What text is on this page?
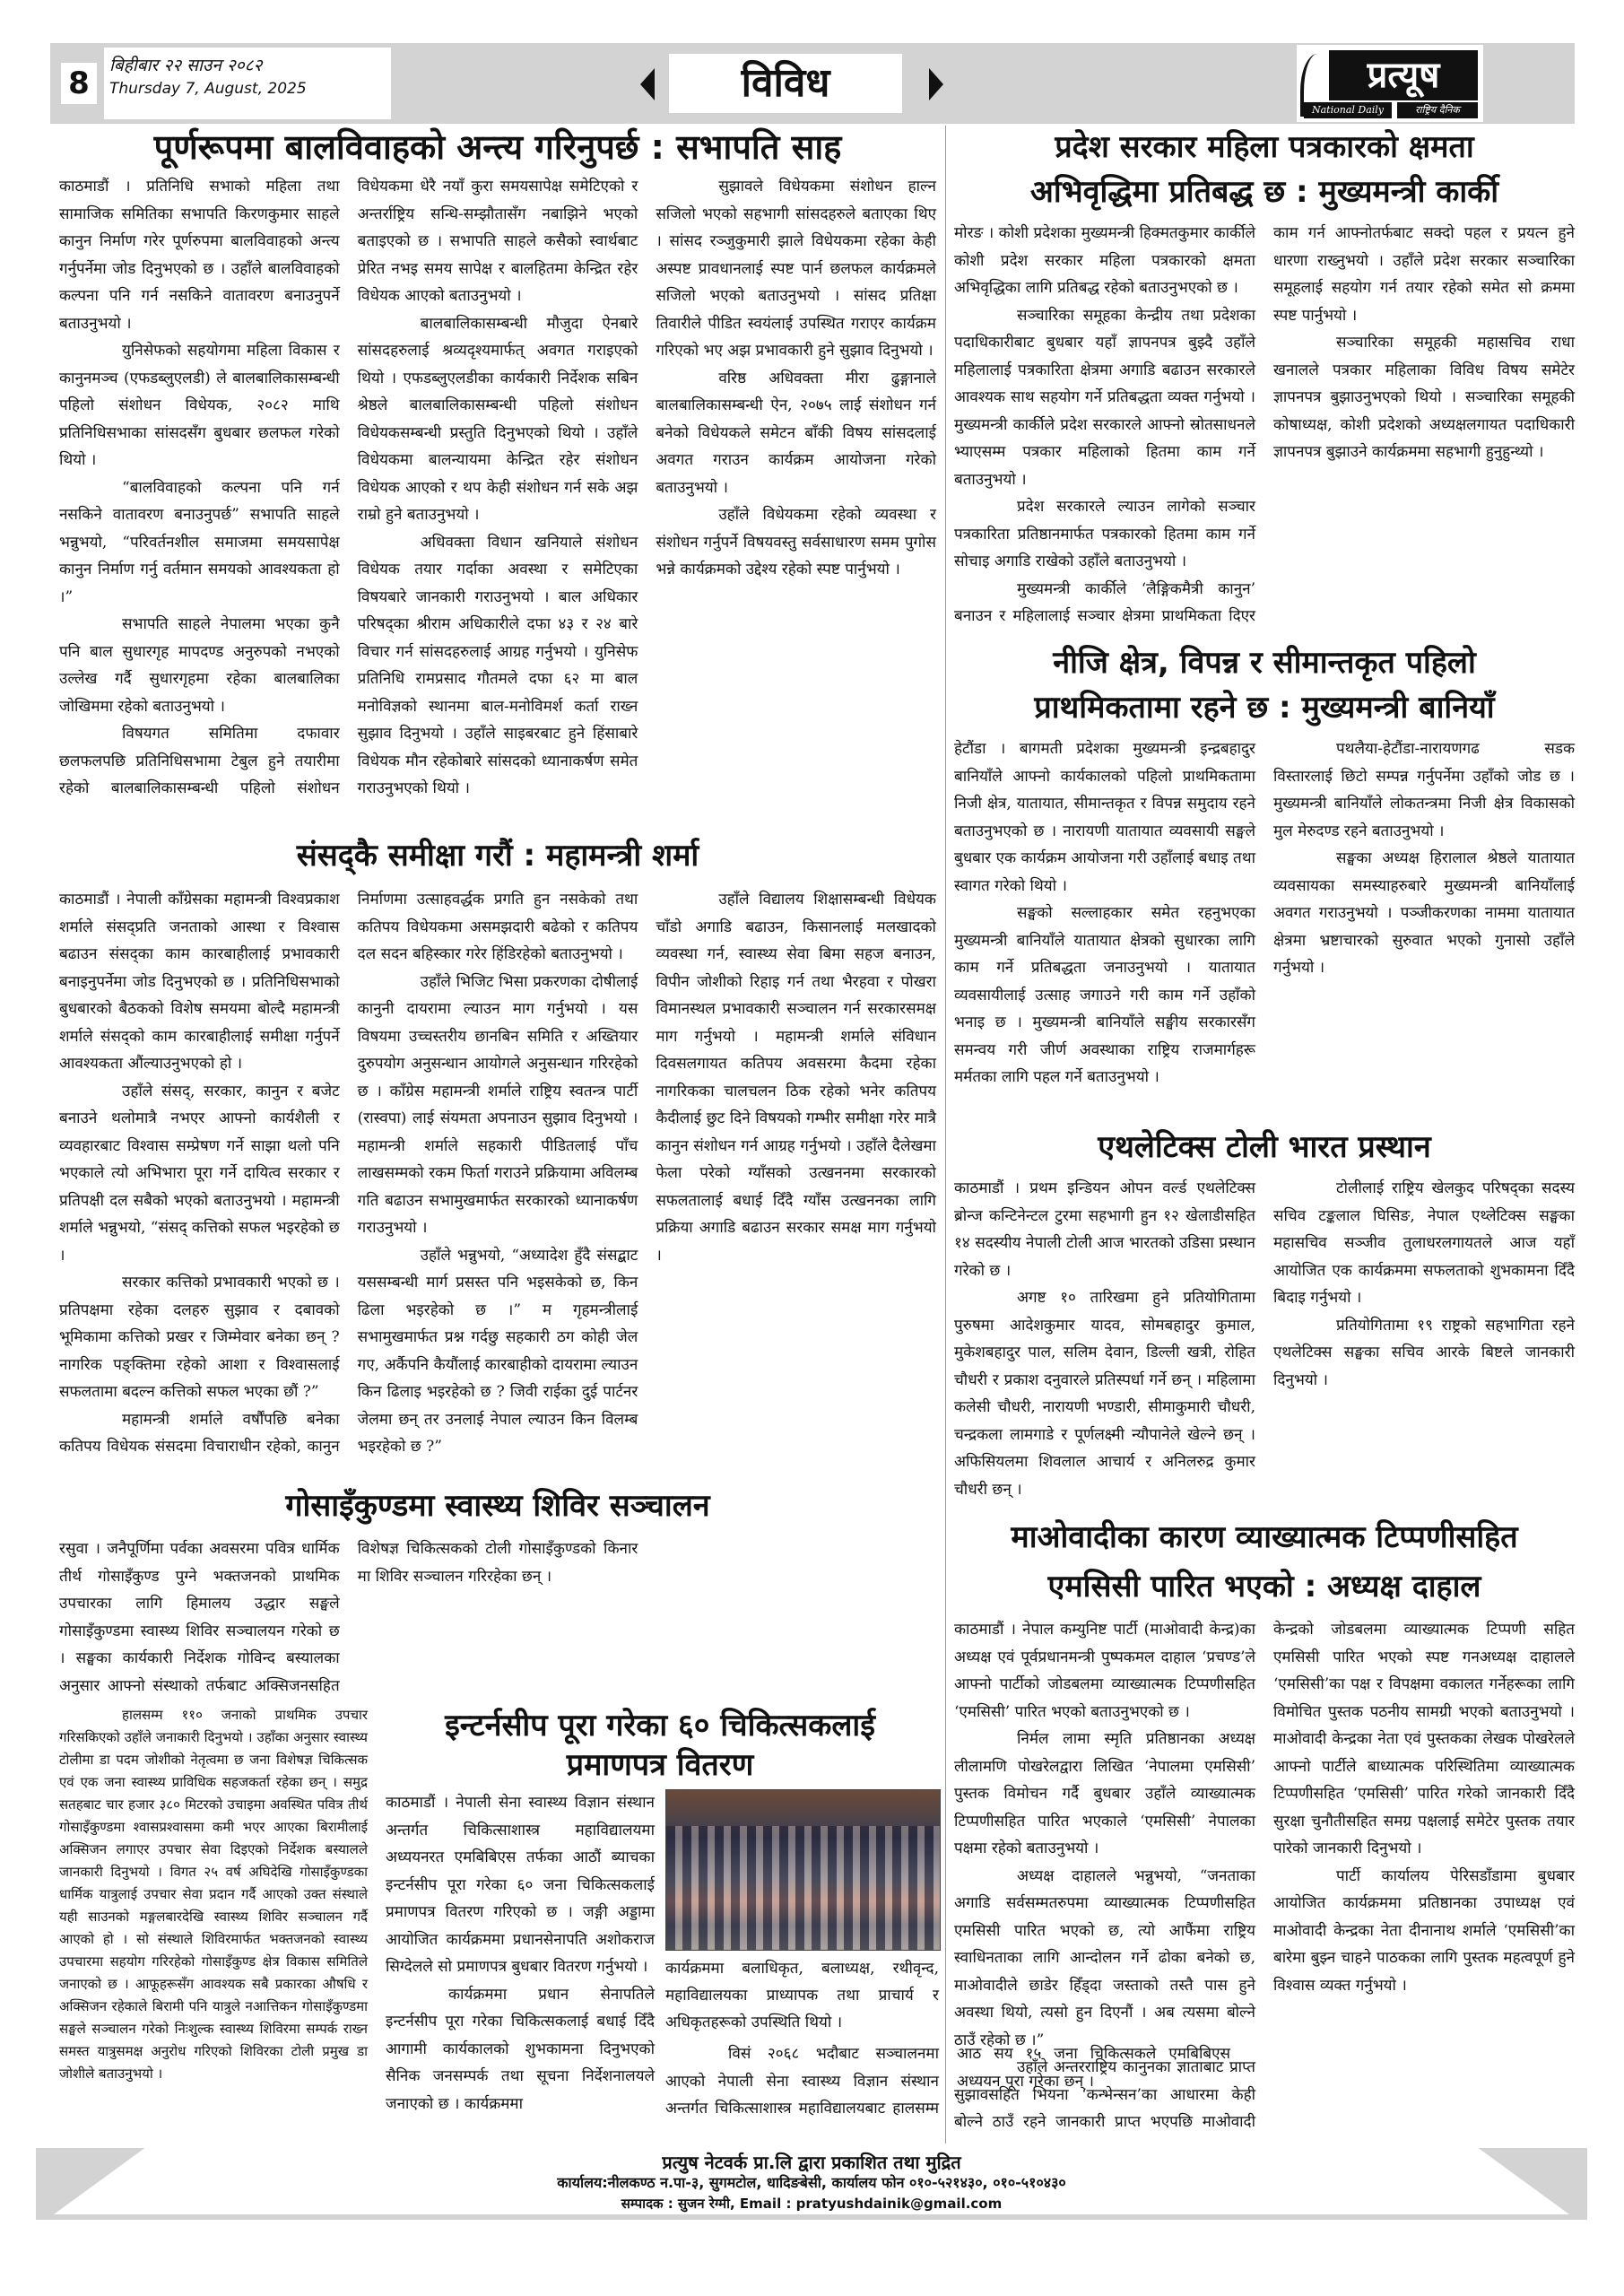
8	बिहीबार २२ साउन २०८२
Thursday 7, August, 2025	विविध	प्रत्यूष
National Daily	राष्ट्रिय दैनिक
पूर्णरूपमा बालविवाहको अन्त्य गरिनुपर्छ : सभापति साह

काठमाडौं । प्रतिनिधि सभाको महिला तथा सामाजिक समितिका सभापति किरणकुमार साहले कानुन निर्माण गरेर पूर्णरुपमा बालविवाहको अन्त्य गर्नुपर्नेमा जोड दिनुभएको छ । उहाँले बालविवाहको कल्पना पनि गर्न नसकिने वातावरण बनाउनुपर्ने बताउनुभयो ।

युनिसेफको सहयोगमा महिला विकास र कानुनमञ्च (एफडब्लुएलडी) ले बालबालिकासम्बन्धी पहिलो संशोधन विधेयक, २०८२ माथि प्रतिनिधिसभाका सांसदसँग बुधबार छलफल गरेको थियो ।

“बालविवाहको कल्पना पनि गर्न नसकिने वातावरण बनाउनुपर्छ” सभापति साहले भन्नुभयो, “परिवर्तनशील समाजमा समयसापेक्ष कानुन निर्माण गर्नु वर्तमान समयको आवश्यकता हो ।”

सभापति साहले नेपालमा भएका कुनै पनि बाल सुधारगृह मापदण्ड अनुरुपको नभएको उल्लेख गर्दै सुधारगृहमा रहेका बालबालिका जोखिममा रहेको बताउनुभयो ।

विषयगत समितिमा दफावार छलफलपछि प्रतिनिधिसभामा टेबुल हुने तयारीमा रहेको बालबालिकासम्बन्धी पहिलो संशोधन विधेयकमा धेरै नयाँ कुरा समयसापेक्ष समेटिएको र अन्तर्राष्ट्रिय सन्धि-सम्झौतासँग नबाझिने भएको बताइएको छ । सभापति साहले कसैको स्वार्थबाट प्रेरित नभइ समय सापेक्ष र बालहितमा केन्द्रित रहेर विधेयक आएको बताउनुभयो ।

बालबालिकासम्बन्धी मौजुदा ऐनबारे सांसदहरुलाई श्रव्यदृश्यमार्फत् अवगत गराइएको थियो । एफडब्लुएलडीका कार्यकारी निर्देशक सबिन श्रेष्ठले बालबालिकासम्बन्धी पहिलो संशोधन विधेयकसम्बन्धी प्रस्तुति दिनुभएको थियो । उहाँले विधेयकमा बालन्यायमा केन्द्रित रहेर संशोधन विधेयक आएको र थप केही संशोधन गर्न सके अझ राम्रो हुने बताउनुभयो ।

अधिवक्ता विधान खनियाले संशोधन विधेयक तयार गर्दाका अवस्था र समेटिएका विषयबारे जानकारी गराउनुभयो । बाल अधिकार परिषद्का श्रीराम अधिकारीले दफा ४३ र २४ बारे विचार गर्न सांसदहरुलाई आग्रह गर्नुभयो । युनिसेफ प्रतिनिधि रामप्रसाद गौतमले दफा ६२ मा बाल मनोविज्ञको स्थानमा बाल-मनोविमर्श कर्ता राख्न सुझाव दिनुभयो । उहाँले साइबरबाट हुने हिंसाबारे विधेयक मौन रहेकोबारे सांसदको ध्यानाकर्षण समेत गराउनुभएको थियो ।

सुझावले विधेयकमा संशोधन हाल्न सजिलो भएको सहभागी सांसदहरुले बताएका थिए । सांसद रञ्जुकुमारी झाले विधेयकमा रहेका केही अस्पष्ट प्रावधानलाई स्पष्ट पार्न छलफल कार्यक्रमले सजिलो भएको बताउनुभयो । सांसद प्रतिक्षा तिवारीले पीडित स्वयंलाई उपस्थित गराएर कार्यक्रम गरिएको भए अझ प्रभावकारी हुने सुझाव दिनुभयो ।

वरिष्ठ अधिवक्ता मीरा ढुङ्गानाले बालबालिकासम्बन्धी ऐन, २०७५ लाई संशोधन गर्न बनेको विधेयकले समेटन बाँकी विषय सांसदलाई अवगत गराउन कार्यक्रम आयोजना गरेको बताउनुभयो ।

उहाँले विधेयकमा रहेको व्यवस्था र संशोधन गर्नुपर्ने विषयवस्तु सर्वसाधारण समम पुगोस भन्ने कार्यक्रमको उद्देश्य रहेको स्पष्ट पार्नुभयो ।

संसद्कै समीक्षा गरौं : महामन्त्री शर्मा

काठमाडौं । नेपाली काँग्रेसका महामन्त्री विश्वप्रकाश शर्माले संसद्प्रति जनताको आस्था र विश्वास बढाउन संसद्का काम कारबाहीलाई प्रभावकारी बनाइनुपर्नेमा जोड दिनुभएको छ । प्रतिनिधिसभाको बुधबारको बैठकको विशेष समयमा बोल्दै महामन्त्री शर्माले संसद्को काम कारबाहीलाई समीक्षा गर्नुपर्ने आवश्यकता औंल्याउनुभएको हो ।

उहाँले संसद्, सरकार, कानुन र बजेट बनाउने थलोमात्रै नभएर आफ्नो कार्यशैली र व्यवहारबाट विश्वास सम्प्रेषण गर्ने साझा थलो पनि भएकाले त्यो अभिभारा पूरा गर्ने दायित्व सरकार र प्रतिपक्षी दल सबैको भएको बताउनुभयो । महामन्त्री शर्माले भन्नुभयो, “संसद् कत्तिको सफल भइरहेको छ ।

सरकार कत्तिको प्रभावकारी भएको छ । प्रतिपक्षमा रहेका दलहरु सुझाव र दबावको भूमिकामा कत्तिको प्रखर र जिम्मेवार बनेका छन् ? नागरिक पङ्क्तिमा रहेको आशा र विश्वासलाई सफलतामा बदल्न कत्तिको सफल भएका छौं ?”

महामन्त्री शर्माले वर्षौंपछि बनेका कतिपय विधेयक संसदमा विचाराधीन रहेको, कानुन निर्माणमा उत्साहवर्द्धक प्रगति हुन नसकेको तथा कतिपय विधेयकमा असमझदारी बढेको र कतिपय दल सदन बहिस्कार गरेर हिंडिरहेको बताउनुभयो ।

उहाँले भिजिट भिसा प्रकरणका दोषीलाई कानुनी दायरामा ल्याउन माग गर्नुभयो । यस विषयमा उच्चस्तरीय छानबिन समिति र अख्तियार दुरुपयोग अनुसन्धान आयोगले अनुसन्धान गरिरहेको छ । काँग्रेस महामन्त्री शर्माले राष्ट्रिय स्वतन्त्र पार्टी (रास्वपा) लाई संयमता अपनाउन सुझाव दिनुभयो । महामन्त्री शर्माले सहकारी पीडितलाई पाँच लाखसम्मको रकम फिर्ता गराउने प्रक्रियामा अविलम्ब गति बढाउन सभामुखमार्फत सरकारको ध्यानाकर्षण गराउनुभयो ।

उहाँले भन्नुभयो, “अध्यादेश हुँदै संसद्बाट यससम्बन्धी मार्ग प्रसस्त पनि भइसकेको छ, किन ढिला भइरहेको छ ।” म गृहमन्त्रीलाई सभामुखमार्फत प्रश्न गर्दछु सहकारी ठग कोही जेल गए, अर्कैपनि कैयौंलाई कारबाहीको दायरामा ल्याउन किन ढिलाइ भइरहेको छ ? जिवी राईका दुई पार्टनर जेलमा छन् तर उनलाई नेपाल ल्याउन किन विलम्ब भइरहेको छ ?”

उहाँले विद्यालय शिक्षासम्बन्धी विधेयक चाँडो अगाडि बढाउन, किसानलाई मलखादको व्यवस्था गर्न, स्वास्थ्य सेवा बिमा सहज बनाउन, विपीन जोशीको रिहाइ गर्न तथा भैरहवा र पोखरा विमानस्थल प्रभावकारी सञ्चालन गर्न सरकारसमक्ष माग गर्नुभयो । महामन्त्री शर्माले संविधान दिवसलगायत कतिपय अवसरमा कैदमा रहेका नागरिकका चालचलन ठिक रहेको भनेर कतिपय कैदीलाई छुट दिने विषयको गम्भीर समीक्षा गरेर मात्रै कानुन संशोधन गर्न आग्रह गर्नुभयो । उहाँले दैलेखमा फेला परेको ग्याँसको उत्खननमा सरकारको सफलतालाई बधाई दिँदै ग्याँस उत्खननका लागि प्रक्रिया अगाडि बढाउन सरकार समक्ष माग गर्नुभयो ।

गोसाइँकुण्डमा स्वास्थ्य शिविर सञ्चालन

रसुवा । जनैपूर्णिमा पर्वका अवसरमा पवित्र धार्मिक तीर्थ गोसाइँकुण्ड पुग्ने भक्तजनको प्राथमिक उपचारका लागि हिमालय उद्धार सङ्घले गोसाइँकुण्डमा स्वास्थ्य शिविर सञ्चालयन गरेको छ । सङ्घका कार्यकारी निर्देशक गोविन्द बस्यालका अनुसार आफ्नो संस्थाको तर्फबाट अक्सिजनसहित विशेषज्ञ चिकित्सकको टोली गोसाइँकुण्डको किनार मा शिविर सञ्चालन गरिरहेका छन् ।

हालसम्म ११० जनाको प्राथमिक उपचार गरिसकिएको उहाँले जनाकारी दिनुभयो । उहाँका अनुसार स्वास्थ्य टोलीमा डा पदम जोशीको नेतृत्वमा छ जना विशेषज्ञ चिकित्सक एवं एक जना स्वास्थ्य प्राविधिक सहजकर्ता रहेका छन् । समुद्र सतहबाट चार हजार ३८० मिटरको उचाइमा अवस्थित पवित्र तीर्थ गोसाइँकुण्डमा श्वासप्रश्वासमा कमी भएर आएका बिरामीलाई अक्सिजन लगाएर उपचार सेवा दिइएको निर्देशक बस्यालले जानकारी दिनुभयो । विगत २५ वर्ष अघिदेखि गोसाइँकुण्डका धार्मिक यात्रुलाई उपचार सेवा प्रदान गर्दै आएको उक्त संस्थाले यही साउनको मङ्गलबारदेखि स्वास्थ्य शिविर सञ्चालन गर्दै आएको हो । सो संस्थाले शिविरमार्फत भक्तजनको स्वास्थ्य उपचारमा सहयोग गरिरहेको गोसाइँकुण्ड क्षेत्र विकास समितिले जनाएको छ । आफूहरूसँग आवश्यक सबै प्रकारका औषधि र अक्सिजन रहेकाले बिरामी पनि यात्रुले नआत्तिकन गोसाइँकुण्डमा सङ्घले सञ्चालन गरेको निःशुल्क स्वास्थ्य शिविरमा सम्पर्क राख्न समस्त यात्रुसमक्ष अनुरोध गरिएको शिविरका टोली प्रमुख डा जोशीले बताउनुभयो ।

इन्टर्नसीप पूरा गरेका ६० चिकित्सकलाई
प्रमाणपत्र वितरण

काठमाडौं । नेपाली सेना स्वास्थ्य विज्ञान संस्थान अन्तर्गत चिकित्साशास्त्र महाविद्यालयमा अध्ययनरत एमबिबिएस तर्फका आठौं ब्याचका इन्टर्नसीप पूरा गरेका ६० जना चिकित्सकलाई प्रमाणपत्र वितरण गरिएको छ । जङ्गी अड्डामा आयोजित कार्यक्रममा प्रधानसेनापति अशोकराज सिग्देलले सो प्रमाणपत्र बुधबार वितरण गर्नुभयो ।

कार्यक्रममा प्रधान सेनापतिले इन्टर्नसीप पूरा गरेका चिकित्सकलाई बधाई दिँदै आगामी कार्यकालको शुभकामना दिनुभएको सैनिक जनसम्पर्क तथा सूचना निर्देशनालयले जनाएको छ । कार्यक्रममा

कार्यक्रममा बलाधिकृत, बलाध्यक्ष, रथीवृन्द, महाविद्यालयका प्राध्यापक तथा प्राचार्य र अधिकृतहरूको उपस्थिति थियो ।

विसं २०६८ भदौबाट सञ्चालनमा आएको नेपाली सेना स्वास्थ्य विज्ञान संस्थान अन्तर्गत चिकित्साशास्त्र महाविद्यालयबाट हालसम्म आठ सय १५ जना चिकित्सकले एमबिबिएस अध्ययन पूरा गरेका छन् ।

प्रदेश सरकार महिला पत्रकारको क्षमता
अभिवृद्धिमा प्रतिबद्ध छ : मुख्यमन्त्री कार्की

मोरङ । कोशी प्रदेशका मुख्यमन्त्री हिक्मतकुमार कार्कीले कोशी प्रदेश सरकार महिला पत्रकारको क्षमता अभिवृद्धिका लागि प्रतिबद्ध रहेको बताउनुभएको छ ।

सञ्चारिका समूहका केन्द्रीय तथा प्रदेशका पदाधिकारीबाट बुधबार यहाँ ज्ञापनपत्र बुझ्दै उहाँले महिलालाई पत्रकारिता क्षेत्रमा अगाडि बढाउन सरकारले आवश्यक साथ सहयोग गर्ने प्रतिबद्धता व्यक्त गर्नुभयो । मुख्यमन्त्री कार्कीले प्रदेश सरकारले आफ्नो स्रोतसाधनले भ्याएसम्म पत्रकार महिलाको हितमा काम गर्ने बताउनुभयो ।

प्रदेश सरकारले ल्याउन लागेको सञ्चार पत्रकारिता प्रतिष्ठानमार्फत पत्रकारको हितमा काम गर्ने सोचाइ अगाडि राखेको उहाँले बताउनुभयो ।

मुख्यमन्त्री कार्कीले ‘लैङ्गिकमैत्री कानुन’ बनाउन र महिलालाई सञ्चार क्षेत्रमा प्राथमिकता दिएर काम गर्न आफ्नोतर्फबाट सक्दो पहल र प्रयत्न हुने धारणा राख्नुभयो । उहाँले प्रदेश सरकार सञ्चारिका समूहलाई सहयोग गर्न तयार रहेको समेत सो क्रममा स्पष्ट पार्नुभयो ।

सञ्चारिका समूहकी महासचिव राधा खनालले पत्रकार महिलाका विविध विषय समेटेर ज्ञापनपत्र बुझाउनुभएको थियो । सञ्चारिका समूहकी कोषाध्यक्ष, कोशी प्रदेशको अध्यक्षलगायत पदाधिकारी ज्ञापनपत्र बुझाउने कार्यक्रममा सहभागी हुनुहुन्थ्यो ।

नीजि क्षेत्र, विपन्न र सीमान्तकृत पहिलो
प्राथमिकतामा रहने छ : मुख्यमन्त्री बानियाँ

हेटौंडा । बागमती प्रदेशका मुख्यमन्त्री इन्द्रबहादुर बानियाँले आफ्नो कार्यकालको पहिलो प्राथमिकतामा निजी क्षेत्र, यातायात, सीमान्तकृत र विपन्न समुदाय रहने बताउनुभएको छ । नारायणी यातायात व्यवसायी सङ्घले बुधबार एक कार्यक्रम आयोजना गरी उहाँलाई बधाइ तथा स्वागत गरेको थियो ।

सङ्घको सल्लाहकार समेत रहनुभएका मुख्यमन्त्री बानियाँले यातायात क्षेत्रको सुधारका लागि काम गर्ने प्रतिबद्धता जनाउनुभयो । यातायात व्यवसायीलाई उत्साह जगाउने गरी काम गर्ने उहाँको भनाइ छ । मुख्यमन्त्री बानियाँले सङ्घीय सरकारसँग समन्वय गरी जीर्ण अवस्थाका राष्ट्रिय राजमार्गहरू मर्मतका लागि पहल गर्ने बताउनुभयो ।

पथलैया-हेटौंडा-नारायणगढ सडक विस्तारलाई छिटो सम्पन्न गर्नुपर्नेमा उहाँको जोड छ । मुख्यमन्त्री बानियाँले लोकतन्त्रमा निजी क्षेत्र विकासको मुल मेरुदण्ड रहने बताउनुभयो ।

सङ्घका अध्यक्ष हिरालाल श्रेष्ठले यातायात व्यवसायका समस्याहरुबारे मुख्यमन्त्री बानियाँलाई अवगत गराउनुभयो । पञ्जीकरणका नाममा यातायात क्षेत्रमा भ्रष्टाचारको सुरुवात भएको गुनासो उहाँले गर्नुभयो ।

एथलेटिक्स टोली भारत प्रस्थान

काठमाडौं । प्रथम इन्डियन ओपन वर्ल्ड एथलेटिक्स ब्रोन्ज कन्टिनेन्टल टुरमा सहभागी हुन १२ खेलाडीसहित १४ सदस्यीय नेपाली टोली आज भारतको उडिसा प्रस्थान गरेको छ ।

अगष्ट १० तारिखमा हुने प्रतियोगितामा पुरुषमा आदेशकुमार यादव, सोमबहादुर कुमाल, मुकेशबहादुर पाल, सलिम देवान, डिल्ली खत्री, रोहित चौधरी र प्रकाश दनुवारले प्रतिस्पर्धा गर्ने छन् । महिलामा कलेसी चौधरी, नारायणी भण्डारी, सीमाकुमारी चौधरी, चन्द्रकला लामगाडे र पूर्णलक्ष्मी न्यौपानेले खेल्ने छन् । अफिसियलमा शिवलाल आचार्य र अनिलरुद्र कुमार चौधरी छन् ।

टोलीलाई राष्ट्रिय खेलकुद परिषद्का सदस्य सचिव टङ्कलाल घिसिङ, नेपाल एथ्लेटिक्स सङ्घका महासचिव सञ्जीव तुलाधरलगायतले आज यहाँ आयोजित एक कार्यक्रममा सफलताको शुभकामना दिँदै बिदाइ गर्नुभयो ।

प्रतियोगितामा १९ राष्ट्रको सहभागिता रहने एथलेटिक्स सङ्घका सचिव आरके बिष्टले जानकारी दिनुभयो ।

माओवादीका कारण व्याख्यात्मक टिप्पणीसहित
एमसिसी पारित भएको : अध्यक्ष दाहाल

काठमाडौं । नेपाल कम्युनिष्ट पार्टी (माओवादी केन्द्र)का अध्यक्ष एवं पूर्वप्रधानमन्त्री पुष्पकमल दाहाल ‘प्रचण्ड’ले आफ्नो पार्टीको जोडबलमा व्याख्यात्मक टिप्पणीसहित ‘एमसिसी’ पारित भएको बताउनुभएको छ ।

निर्मल लामा स्मृति प्रतिष्ठानका अध्यक्ष लीलामणि पोखरेलद्वारा लिखित ‘नेपालमा एमसिसी’ पुस्तक विमोचन गर्दै बुधबार उहाँले व्याख्यात्मक टिप्पणीसहित पारित भएकाले ‘एमसिसी’ नेपालका पक्षमा रहेको बताउनुभयो ।

अध्यक्ष दाहालले भन्नुभयो, “जनताका अगाडि सर्वसम्मतरुपमा व्याख्यात्मक टिप्पणीसहित एमसिसी पारित भएको छ, त्यो आफैंमा राष्ट्रिय स्वाधिनताका लागि आन्दोलन गर्ने ढोका बनेको छ, माओवादीले छाडेर हिँड्दा जस्ताको तस्तै पास हुने अवस्था थियो, त्यसो हुन दिएनौं । अब त्यसमा बोल्ने ठाउँ रहेको छ ।”

उहाँले अन्तरराष्ट्रिय कानुनका ज्ञाताबाट प्राप्त सुझावसहित भियना ‘कन्भेन्सन’का आधारमा केही बोल्ने ठाउँ रहने जानकारी प्राप्त भएपछि माओवादी केन्द्रको जोडबलमा व्याख्यात्मक टिप्पणी सहित एमसिसी पारित भएको स्पष्ट गनअध्यक्ष दाहालले ‘एमसिसी’का पक्ष र विपक्षमा वकालत गर्नेहरूका लागि विमोचित पुस्तक पठनीय सामग्री भएको बताउनुभयो । माओवादी केन्द्रका नेता एवं पुस्तकका लेखक पोखरेलले आफ्नो पार्टीले बाध्यात्मक परिस्थितिमा व्याख्यात्मक टिप्पणीसहित ‘एमसिसी’ पारित गरेको जानकारी दिँदै सुरक्षा चुनौतीसहित समग्र पक्षलाई समेटेर पुस्तक तयार पारेको जानकारी दिनुभयो ।

पार्टी कार्यालय पेरिसडाँडामा बुधबार आयोजित कार्यक्रममा प्रतिष्ठानका उपाध्यक्ष एवं माओवादी केन्द्रका नेता दीनानाथ शर्माले ‘एमसिसी’का बारेमा बुझ्न चाहने पाठकका लागि पुस्तक महत्वपूर्ण हुने विश्वास व्यक्त गर्नुभयो ।

प्रत्युष नेटवर्क प्रा.लि द्वारा प्रकाशित तथा मुद्रित
कार्यालय:नीलकण्ठ न.पा-३, सुगमटोल, धादिङबेसी, कार्यालय फोन ०१०-५२१४३०, ०१०-५१०४३०
सम्पादक : सुजन रेग्मी, Email : pratyushdainik@gmail.com
